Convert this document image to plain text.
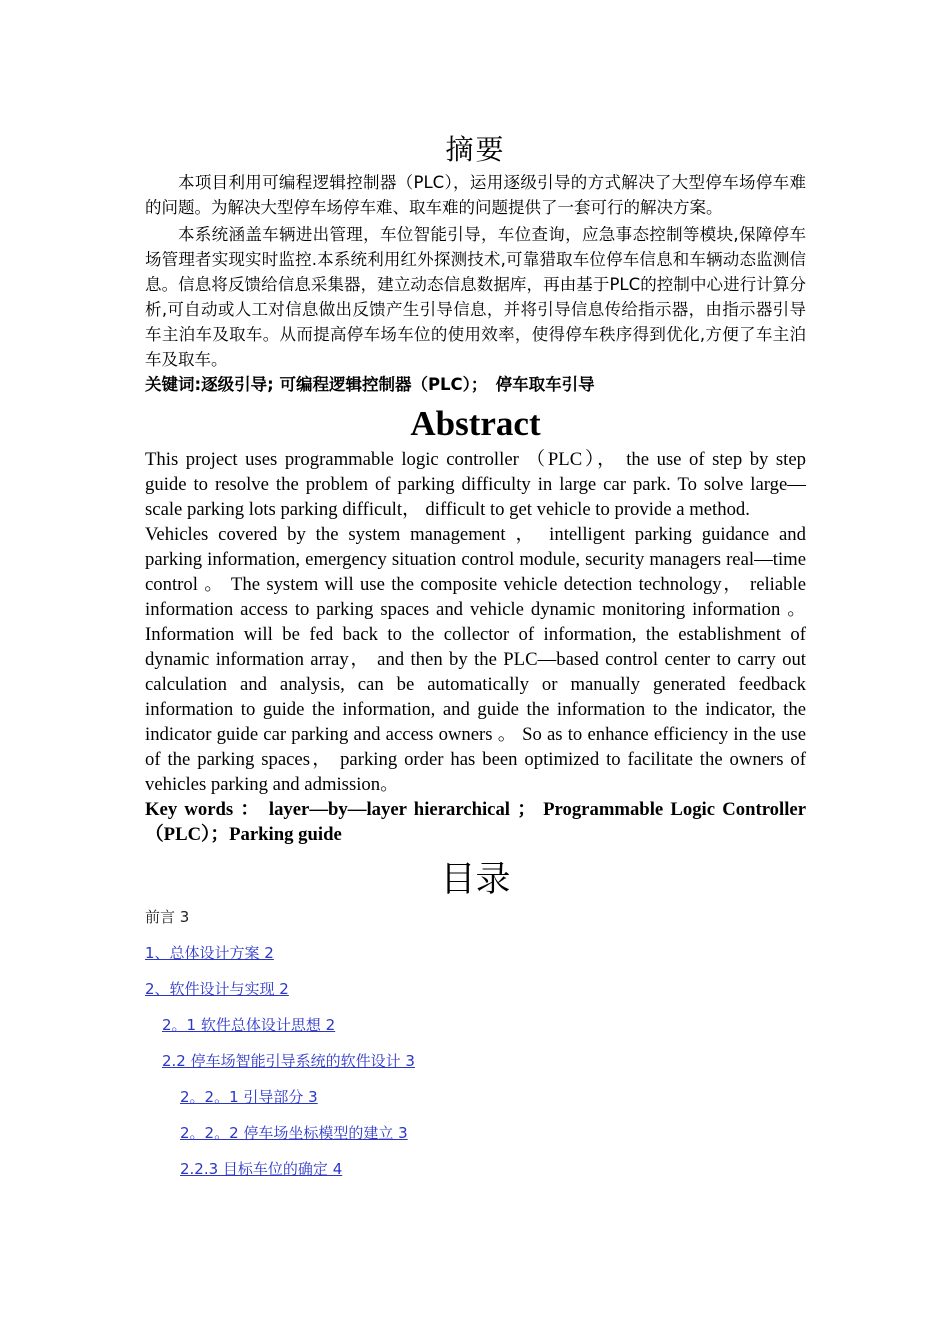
摘要

本项目利用可编程逻辑控制器（PLC），运用逐级引导的方式解决了大型停车场停车难的问题。为解决大型停车场停车难、取车难的问题提供了一套可行的解决方案。

本系统涵盖车辆进出管理，车位智能引导，车位查询，应急事态控制等模块,保障停车场管理者实现实时监控.本系统利用红外探测技术,可靠猎取车位停车信息和车辆动态监测信息。信息将反馈给信息采集器，建立动态信息数据库，再由基于PLC的控制中心进行计算分析,可自动或人工对信息做出反馈产生引导信息，并将引导信息传给指示器，由指示器引导车主泊车及取车。从而提高停车场车位的使用效率，使得停车秩序得到优化,方便了车主泊车及取车。

关键词:逐级引导; 可编程逻辑控制器（PLC）；　停车取车引导

Abstract

This project uses programmable logic controller （PLC）， the use of step by step guide to resolve the problem of parking difficulty in large car park. To solve large—scale parking lots parking difficult， difficult to get vehicle to provide a method.

Vehicles covered by the system management ， intelligent parking guidance and parking information, emergency situation control module, security managers real—time control 。 The system will use the composite vehicle detection technology， reliable information access to parking spaces and vehicle dynamic monitoring information 。 Information will be fed back to the collector of information, the establishment of dynamic information array， and then by the PLC—based control center to carry out calculation and analysis, can be automatically or manually generated feedback information to guide the information, and guide the information to the indicator, the indicator guide car parking and access owners 。 So as to enhance efficiency in the use of the parking spaces， parking order has been optimized to facilitate the owners of vehicles parking and admission。

Key words ： layer—by—layer hierarchical ； Programmable Logic Controller（PLC）；Parking guide

目录

前言 3

1、总体设计方案 2

2、软件设计与实现 2

2。1 软件总体设计思想 2

2.2 停车场智能引导系统的软件设计 3

2。2。1 引导部分 3

2。2。2 停车场坐标模型的建立 3

2.2.3 目标车位的确定 4
